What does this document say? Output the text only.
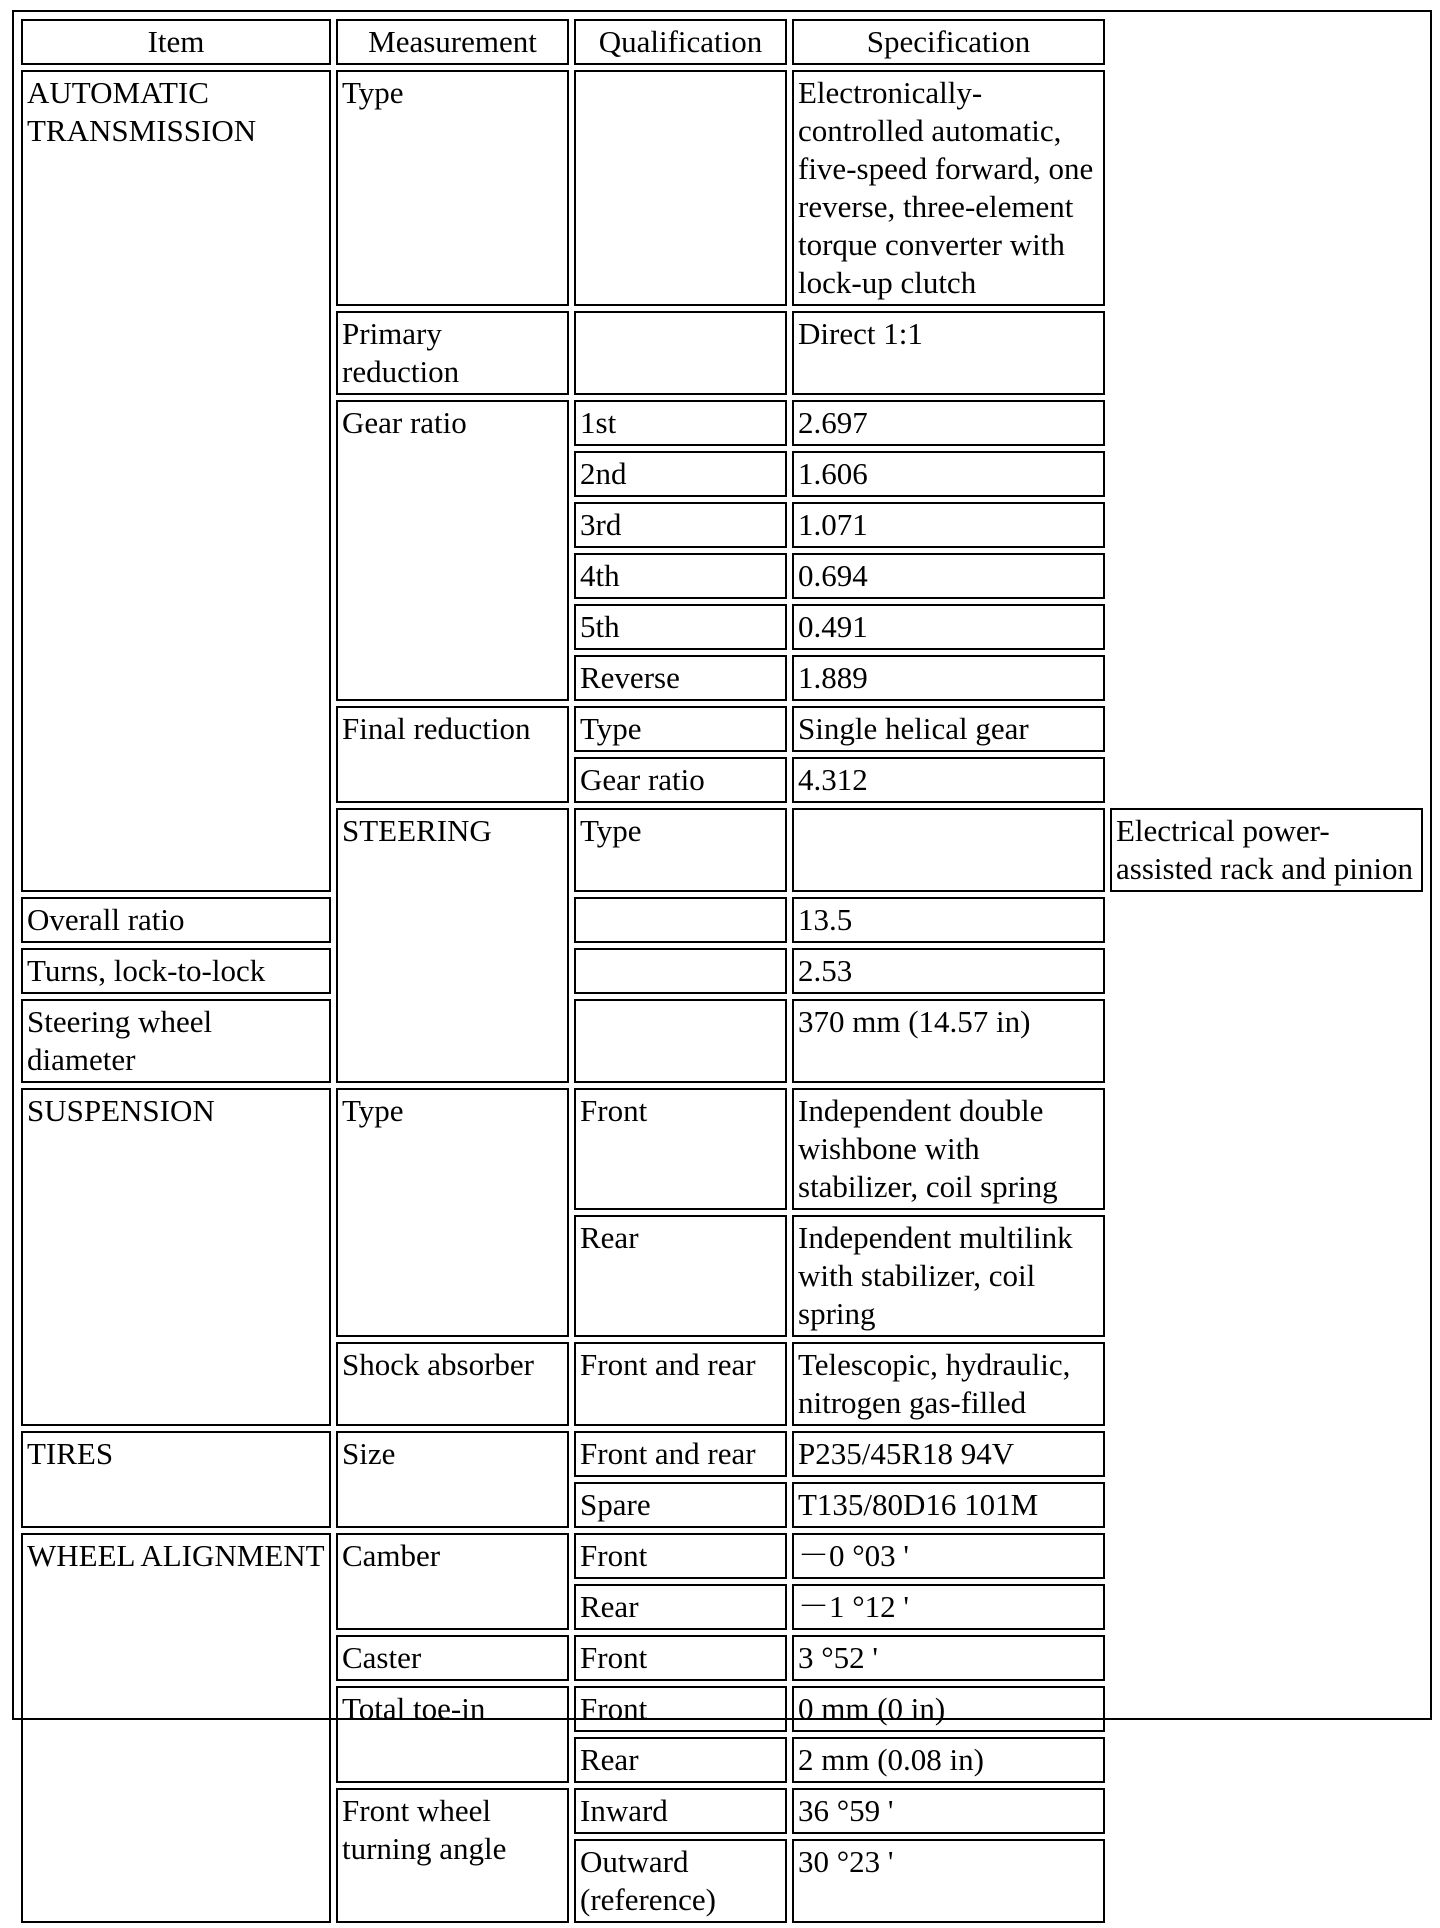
Item	Measurement	Qualification	Specification	
AUTOMATIC TRANSMISSION	Type		Electronically-controlled automatic, five-speed forward, one reverse, three-element torque converter with lock-up clutch	
	Primary reduction		Direct 1:1	
	Gear ratio	1st	2.697	
		2nd	1.606	
		3rd	1.071	
		4th	0.694	
		5th	0.491	
		Reverse	1.889	
	Final reduction	Type	Single helical gear	
		Gear ratio	4.312	
	STEERING	Type		Electrical power-assisted rack and pinion
Overall ratio			13.5	
Turns, lock-to-lock			2.53	
Steering wheel diameter			370 mm (14.57 in)	
SUSPENSION	Type	Front	Independent double wishbone with stabilizer, coil spring	
		Rear	Independent multilink with stabilizer, coil spring	
	Shock absorber	Front and rear	Telescopic, hydraulic, nitrogen gas-filled	
TIRES	Size	Front and rear	P235/45R18 94V	
		Spare	T135/80D16 101M	
WHEEL ALIGNMENT	Camber	Front	－0 °03 '	
		Rear	－1 °12 '	
	Caster	Front	3 °52 '	
	Total toe-in	Front	0 mm (0 in)	
		Rear	2 mm (0.08 in)	
	Front wheel turning angle	Inward	36 °59 '	
		Outward (reference)	30 °23 '	
